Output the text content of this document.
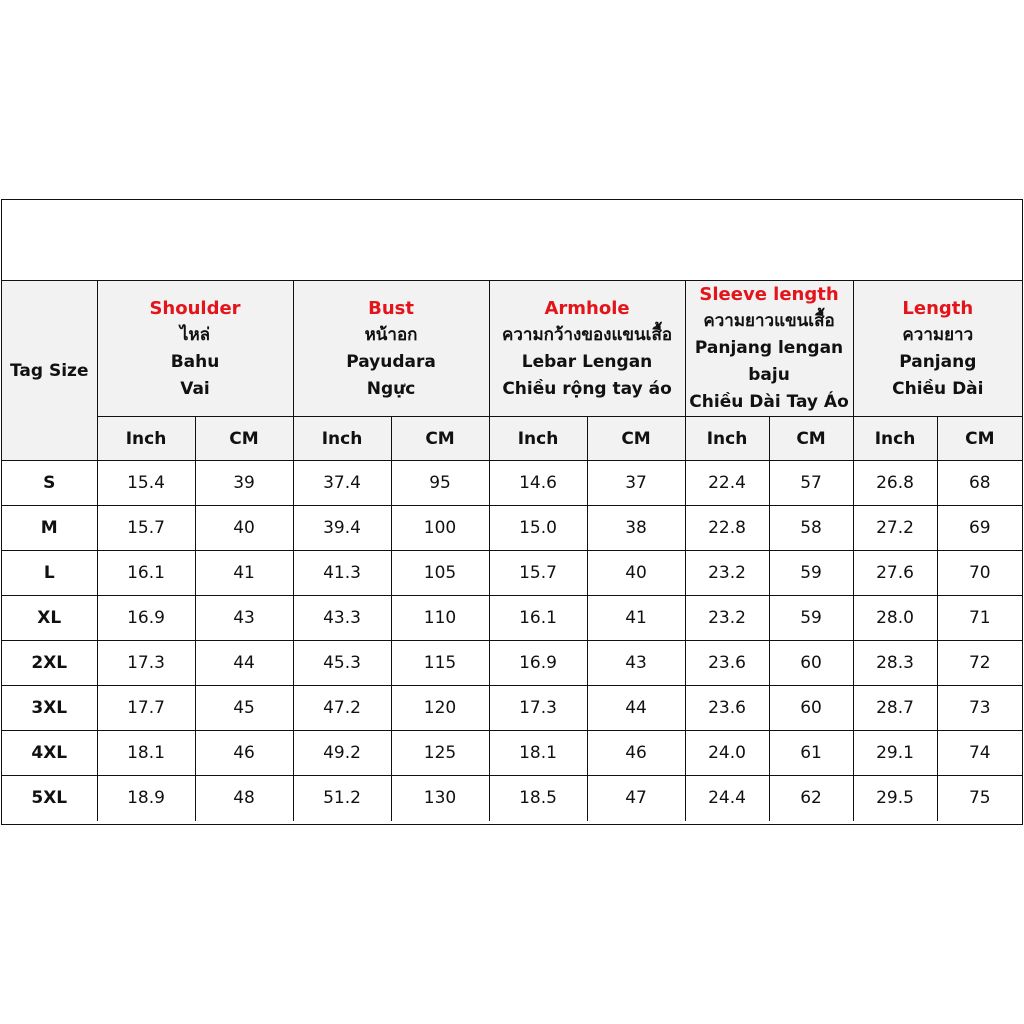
Tag Size	Shoulder
ไหล่
Bahu
Vai		Bust
หน้าอก
Payudara
Ngực		Armhole
ความกว้างของแขนเสื้อ
Lebar Lengan
Chiều rộng tay áo		Sleeve length
ความยาวแขนเสื้อ
Panjang lengan
baju
Chiều Dài Tay Áo		Length
ความยาว
Panjang
Chiều Dài	

	Inch	CM	Inch	CM	Inch	CM	Inch	CM	Inch	CM
S	15.4	39	37.4	95	14.6	37	22.4	57	26.8	68
M	15.7	40	39.4	100	15.0	38	22.8	58	27.2	69
L	16.1	41	41.3	105	15.7	40	23.2	59	27.6	70
XL	16.9	43	43.3	110	16.1	41	23.2	59	28.0	71
2XL	17.3	44	45.3	115	16.9	43	23.6	60	28.3	72
3XL	17.7	45	47.2	120	17.3	44	23.6	60	28.7	73
4XL	18.1	46	49.2	125	18.1	46	24.0	61	29.1	74
5XL	18.9	48	51.2	130	18.5	47	24.4	62	29.5	75
